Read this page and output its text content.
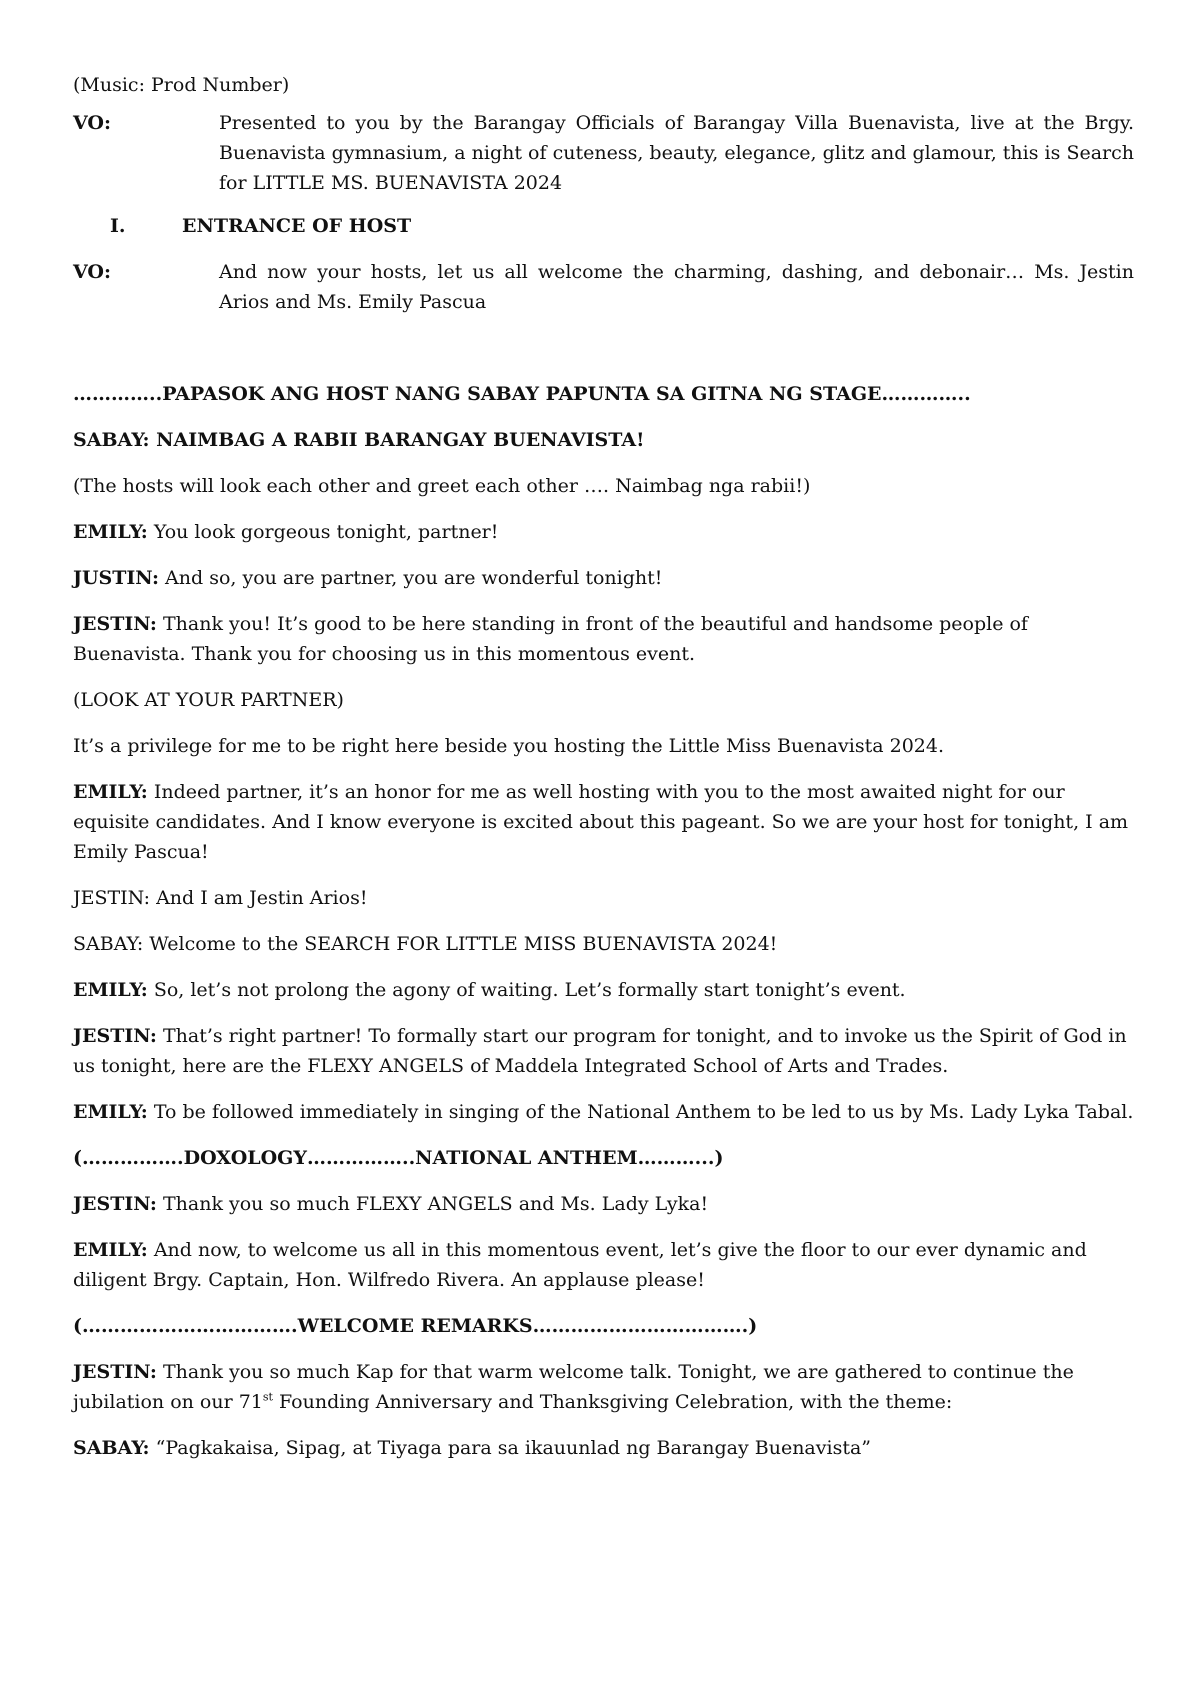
(Music: Prod Number)

VO:	Presented to you by the Barangay Officials of Barangay Villa Buenavista, live at the Brgy. Buenavista gymnasium, a night of cuteness, beauty, elegance, glitz and glamour, this is Search for LITTLE MS. BUENAVISTA 2024
I.	ENTRANCE OF HOST
VO:	And now your hosts, let us all welcome the charming, dashing, and debonair… Ms. Jestin Arios and Ms. Emily Pascua

…………..PAPASOK ANG HOST NANG SABAY PAPUNTA SA GITNA NG STAGE…………..

SABAY: NAIMBAG A RABII BARANGAY BUENAVISTA!

(The hosts will look each other and greet each other …. Naimbag nga rabii!)

EMILY: You look gorgeous tonight, partner!

JUSTIN: And so, you are partner, you are wonderful tonight!

JESTIN: Thank you! It’s good to be here standing in front of the beautiful and handsome people of Buenavista. Thank you for choosing us in this momentous event.

(LOOK AT YOUR PARTNER)

It’s a privilege for me to be right here beside you hosting the Little Miss Buenavista 2024.

EMILY: Indeed partner, it’s an honor for me as well hosting with you to the most awaited night for our equisite candidates. And I know everyone is excited about this pageant. So we are your host for tonight, I am Emily Pascua!

JESTIN: And I am Jestin Arios!

SABAY: Welcome to the SEARCH FOR LITTLE MISS BUENAVISTA 2024!

EMILY: So, let’s not prolong the agony of waiting. Let’s formally start tonight’s event.

JESTIN: That’s right partner! To formally start our program for tonight, and to invoke us the Spirit of God in us tonight, here are the FLEXY ANGELS of Maddela Integrated School of Arts and Trades.

EMILY: To be followed immediately in singing of the National Anthem to be led to us by Ms. Lady Lyka Tabal.

(…………….DOXOLOGY……………..NATIONAL ANTHEM………...)

JESTIN: Thank you so much FLEXY ANGELS and Ms. Lady Lyka!

EMILY: And now, to welcome us all in this momentous event, let’s give the floor to our ever dynamic and diligent Brgy. Captain, Hon. Wilfredo Rivera. An applause please!

(…………………………….WELCOME REMARKS…………………………….)

JESTIN: Thank you so much Kap for that warm welcome talk. Tonight, we are gathered to continue the jubilation on our 71st Founding Anniversary and Thanksgiving Celebration, with the theme:

SABAY: “Pagkakaisa, Sipag, at Tiyaga para sa ikauunlad ng Barangay Buenavista”
